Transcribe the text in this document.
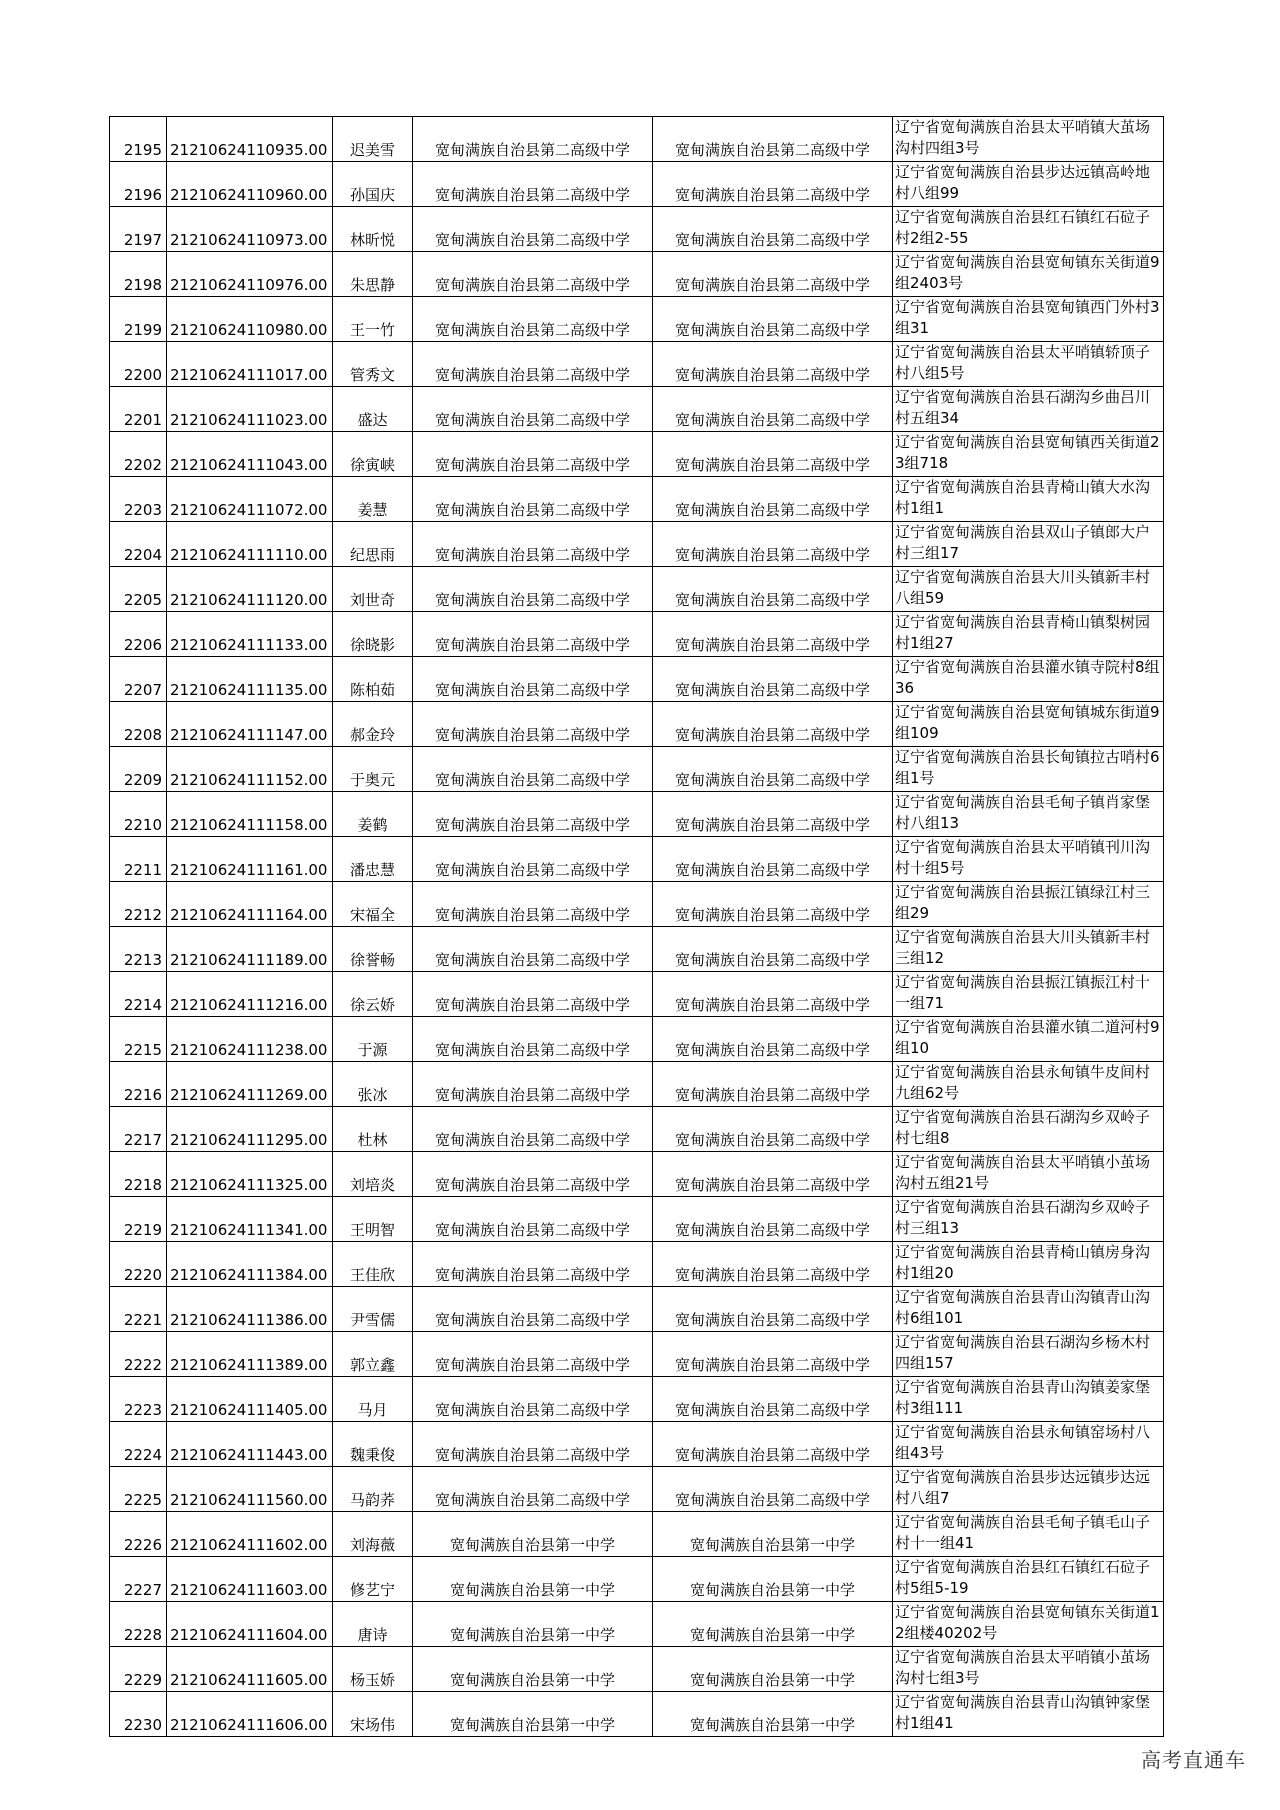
2195	21210624110935.00	迟美雪	宽甸满族自治县第二高级中学	宽甸满族自治县第二高级中学	辽宁省宽甸满族自治县太平哨镇大茧场沟村四组3号
2196	21210624110960.00	孙国庆	宽甸满族自治县第二高级中学	宽甸满族自治县第二高级中学	辽宁省宽甸满族自治县步达远镇高岭地村八组99
2197	21210624110973.00	林昕悦	宽甸满族自治县第二高级中学	宽甸满族自治县第二高级中学	辽宁省宽甸满族自治县红石镇红石砬子村2组2-55
2198	21210624110976.00	朱思静	宽甸满族自治县第二高级中学	宽甸满族自治县第二高级中学	辽宁省宽甸满族自治县宽甸镇东关街道9组2403号
2199	21210624110980.00	王一竹	宽甸满族自治县第二高级中学	宽甸满族自治县第二高级中学	辽宁省宽甸满族自治县宽甸镇西门外村3组31
2200	21210624111017.00	管秀文	宽甸满族自治县第二高级中学	宽甸满族自治县第二高级中学	辽宁省宽甸满族自治县太平哨镇轿顶子村八组5号
2201	21210624111023.00	盛达	宽甸满族自治县第二高级中学	宽甸满族自治县第二高级中学	辽宁省宽甸满族自治县石湖沟乡曲吕川村五组34
2202	21210624111043.00	徐寅峡	宽甸满族自治县第二高级中学	宽甸满族自治县第二高级中学	辽宁省宽甸满族自治县宽甸镇西关街道23组718
2203	21210624111072.00	姜慧	宽甸满族自治县第二高级中学	宽甸满族自治县第二高级中学	辽宁省宽甸满族自治县青椅山镇大水沟村1组1
2204	21210624111110.00	纪思雨	宽甸满族自治县第二高级中学	宽甸满族自治县第二高级中学	辽宁省宽甸满族自治县双山子镇郎大户村三组17
2205	21210624111120.00	刘世奇	宽甸满族自治县第二高级中学	宽甸满族自治县第二高级中学	辽宁省宽甸满族自治县大川头镇新丰村八组59
2206	21210624111133.00	徐晓影	宽甸满族自治县第二高级中学	宽甸满族自治县第二高级中学	辽宁省宽甸满族自治县青椅山镇梨树园村1组27
2207	21210624111135.00	陈柏茹	宽甸满族自治县第二高级中学	宽甸满族自治县第二高级中学	辽宁省宽甸满族自治县灌水镇寺院村8组36
2208	21210624111147.00	郝金玲	宽甸满族自治县第二高级中学	宽甸满族自治县第二高级中学	辽宁省宽甸满族自治县宽甸镇城东街道9组109
2209	21210624111152.00	于奥元	宽甸满族自治县第二高级中学	宽甸满族自治县第二高级中学	辽宁省宽甸满族自治县长甸镇拉古哨村6组1号
2210	21210624111158.00	姜鹤	宽甸满族自治县第二高级中学	宽甸满族自治县第二高级中学	辽宁省宽甸满族自治县毛甸子镇肖家堡村八组13
2211	21210624111161.00	潘忠慧	宽甸满族自治县第二高级中学	宽甸满族自治县第二高级中学	辽宁省宽甸满族自治县太平哨镇刊川沟村十组5号
2212	21210624111164.00	宋福全	宽甸满族自治县第二高级中学	宽甸满族自治县第二高级中学	辽宁省宽甸满族自治县振江镇绿江村三组29
2213	21210624111189.00	徐誉畅	宽甸满族自治县第二高级中学	宽甸满族自治县第二高级中学	辽宁省宽甸满族自治县大川头镇新丰村三组12
2214	21210624111216.00	徐云娇	宽甸满族自治县第二高级中学	宽甸满族自治县第二高级中学	辽宁省宽甸满族自治县振江镇振江村十一组71
2215	21210624111238.00	于源	宽甸满族自治县第二高级中学	宽甸满族自治县第二高级中学	辽宁省宽甸满族自治县灌水镇二道河村9组10
2216	21210624111269.00	张冰	宽甸满族自治县第二高级中学	宽甸满族自治县第二高级中学	辽宁省宽甸满族自治县永甸镇牛皮间村九组62号
2217	21210624111295.00	杜林	宽甸满族自治县第二高级中学	宽甸满族自治县第二高级中学	辽宁省宽甸满族自治县石湖沟乡双岭子村七组8
2218	21210624111325.00	刘培炎	宽甸满族自治县第二高级中学	宽甸满族自治县第二高级中学	辽宁省宽甸满族自治县太平哨镇小茧场沟村五组21号
2219	21210624111341.00	王明智	宽甸满族自治县第二高级中学	宽甸满族自治县第二高级中学	辽宁省宽甸满族自治县石湖沟乡双岭子村三组13
2220	21210624111384.00	王佳欣	宽甸满族自治县第二高级中学	宽甸满族自治县第二高级中学	辽宁省宽甸满族自治县青椅山镇房身沟村1组20
2221	21210624111386.00	尹雪儒	宽甸满族自治县第二高级中学	宽甸满族自治县第二高级中学	辽宁省宽甸满族自治县青山沟镇青山沟村6组101
2222	21210624111389.00	郭立鑫	宽甸满族自治县第二高级中学	宽甸满族自治县第二高级中学	辽宁省宽甸满族自治县石湖沟乡杨木村四组157
2223	21210624111405.00	马月	宽甸满族自治县第二高级中学	宽甸满族自治县第二高级中学	辽宁省宽甸满族自治县青山沟镇姜家堡村3组111
2224	21210624111443.00	魏秉俊	宽甸满族自治县第二高级中学	宽甸满族自治县第二高级中学	辽宁省宽甸满族自治县永甸镇窑场村八组43号
2225	21210624111560.00	马韵荞	宽甸满族自治县第二高级中学	宽甸满族自治县第二高级中学	辽宁省宽甸满族自治县步达远镇步达远村八组7
2226	21210624111602.00	刘海薇	宽甸满族自治县第一中学	宽甸满族自治县第一中学	辽宁省宽甸满族自治县毛甸子镇毛山子村十一组41
2227	21210624111603.00	修艺宁	宽甸满族自治县第一中学	宽甸满族自治县第一中学	辽宁省宽甸满族自治县红石镇红石砬子村5组5-19
2228	21210624111604.00	唐诗	宽甸满族自治县第一中学	宽甸满族自治县第一中学	辽宁省宽甸满族自治县宽甸镇东关街道12组楼40202号
2229	21210624111605.00	杨玉娇	宽甸满族自治县第一中学	宽甸满族自治县第一中学	辽宁省宽甸满族自治县太平哨镇小茧场沟村七组3号
2230	21210624111606.00	宋场伟	宽甸满族自治县第一中学	宽甸满族自治县第一中学	辽宁省宽甸满族自治县青山沟镇钟家堡村1组41
高考直通车
